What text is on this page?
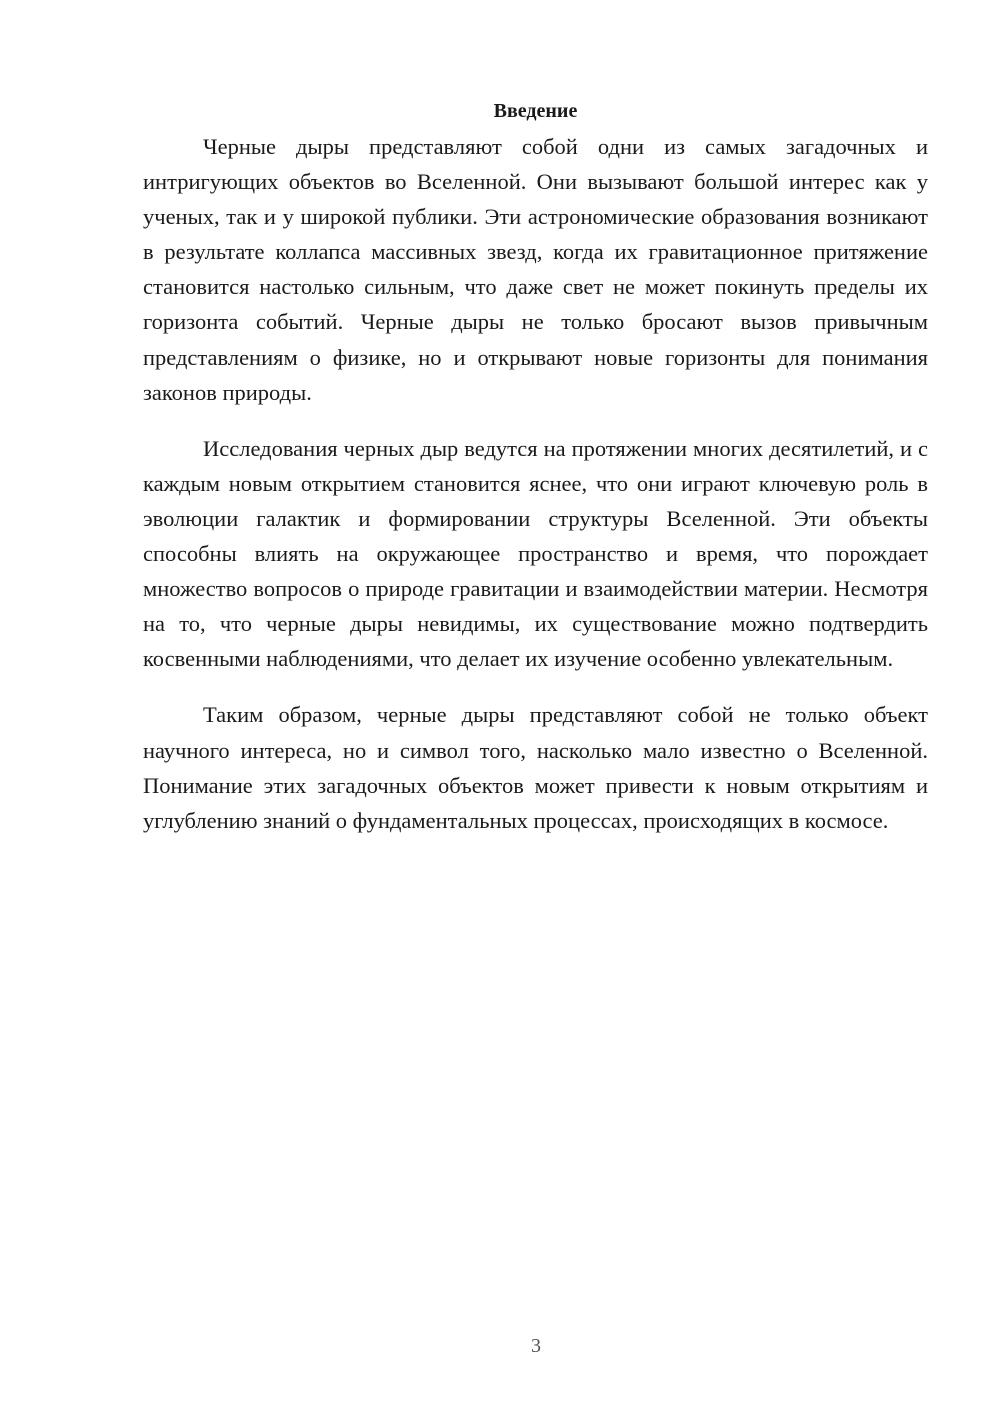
Введение

Черные дыры представляют собой одни из самых загадочных и интригующих объектов во Вселенной. Они вызывают большой интерес как у ученых, так и у широкой публики. Эти астрономические образования возникают в результате коллапса массивных звезд, когда их гравитационное притяжение становится настолько сильным, что даже свет не может покинуть пределы их горизонта событий. Черные дыры не только бросают вызов привычным представлениям о физике, но и открывают новые горизонты для понимания законов природы.

Исследования черных дыр ведутся на протяжении многих десятилетий, и с каждым новым открытием становится яснее, что они играют ключевую роль в эволюции галактик и формировании структуры Вселенной. Эти объекты способны влиять на окружающее пространство и время, что порождает множество вопросов о природе гравитации и взаимодействии материи. Несмотря на то, что черные дыры невидимы, их существование можно подтвердить косвенными наблюдениями, что делает их изучение особенно увлекательным.

Таким образом, черные дыры представляют собой не только объект научного интереса, но и символ того, насколько мало известно о Вселенной. Понимание этих загадочных объектов может привести к новым открытиям и углублению знаний о фундаментальных процессах, происходящих в космосе.

3
